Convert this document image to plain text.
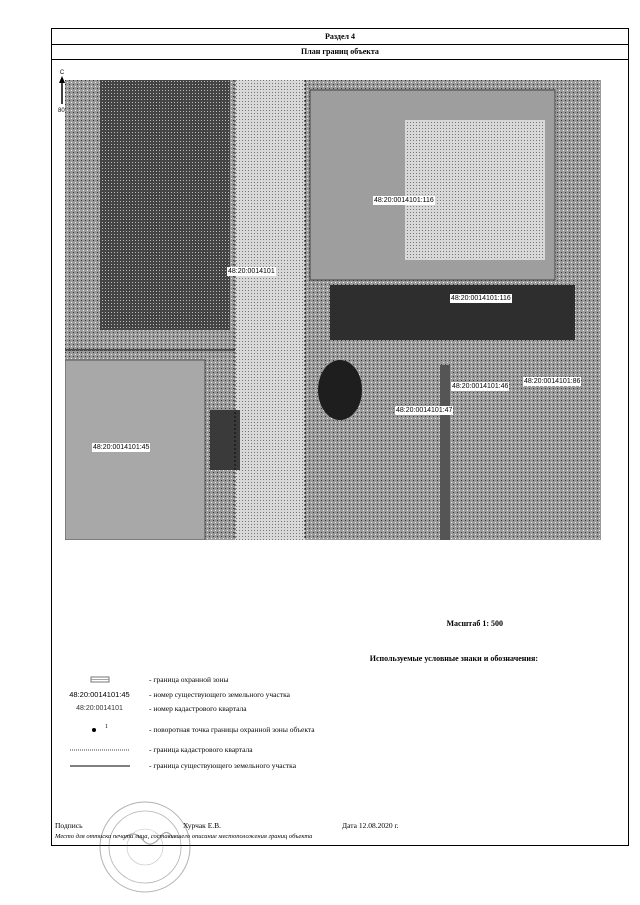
Раздел 4
План границ объекта
С
80
48:20:0014101:116
48:20:0014101
48:20:0014101:116
48:20:0014101:46
48:20:0014101:86
48:20:0014101:47
48:20:0014101:45
Масштаб 1: 500
Используемые условные знаки и обозначения:
- граница охранной зоны
48:20:0014101:45	- номер существующего земельного участка
48:20:0014101	- номер кадастрового квартала
$^1$	- поворотная точка границы охранной зоны объекта
- граница кадастрового квартала
- граница существующего земельного участка
Подпись	Хурчак Е.В.	Дата 12.08.2020 г.
Место для оттиска печати лица, составившего описание местоположения границ объекта
